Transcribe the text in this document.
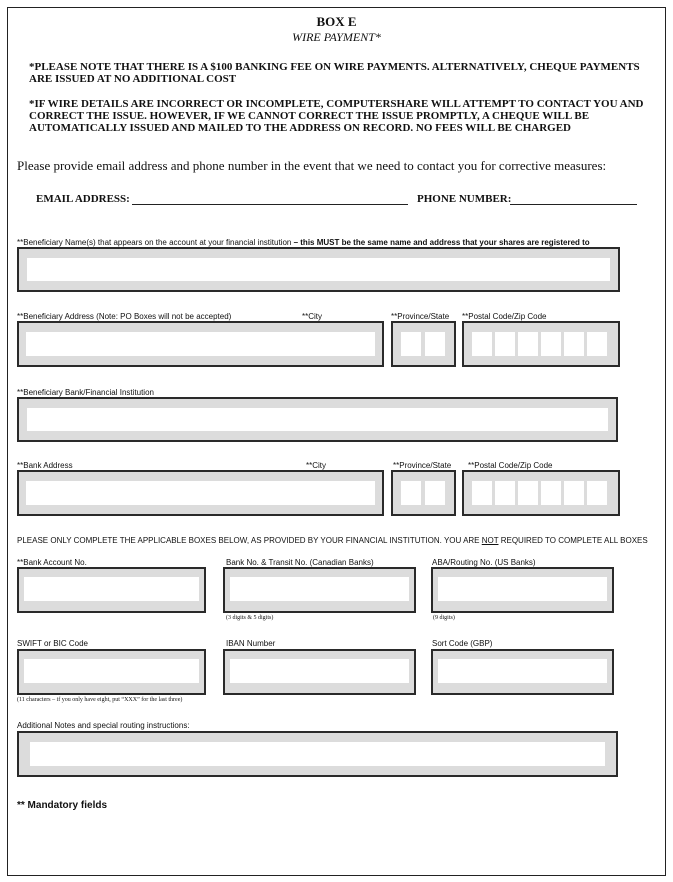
BOX E
WIRE PAYMENT*
*PLEASE NOTE THAT THERE IS A $100 BANKING FEE ON WIRE PAYMENTS. ALTERNATIVELY, CHEQUE PAYMENTS ARE ISSUED AT NO ADDITIONAL COST
*IF WIRE DETAILS ARE INCORRECT OR INCOMPLETE, COMPUTERSHARE WILL ATTEMPT TO CONTACT YOU AND CORRECT THE ISSUE. HOWEVER, IF WE CANNOT CORRECT THE ISSUE PROMPTLY, A CHEQUE WILL BE AUTOMATICALLY ISSUED AND MAILED TO THE ADDRESS ON RECORD. NO FEES WILL BE CHARGED
Please provide email address and phone number in the event that we need to contact you for corrective measures:
EMAIL ADDRESS:	PHONE NUMBER:
**Beneficiary Name(s) that appears on the account at your financial institution – this MUST be the same name and address that your shares are registered to
**Beneficiary Address (Note: PO Boxes will not be accepted)	**City	**Province/State **Postal Code/Zip Code
**Beneficiary Bank/Financial Institution
**Bank Address	**City	**Province/State **Postal Code/Zip Code
PLEASE ONLY COMPLETE THE APPLICABLE BOXES BELOW, AS PROVIDED BY YOUR FINANCIAL INSTITUTION. YOU ARE NOT REQUIRED TO COMPLETE ALL BOXES
**Bank Account No.	Bank No. & Transit No. (Canadian Banks)	ABA/Routing No. (US Banks)
(3 digits & 5 digits)	(9 digits)
SWIFT or BIC Code	IBAN Number	Sort Code (GBP)
(11 characters – if you only have eight, put “XXX” for the last three)
Additional Notes and special routing instructions:
** Mandatory fields
